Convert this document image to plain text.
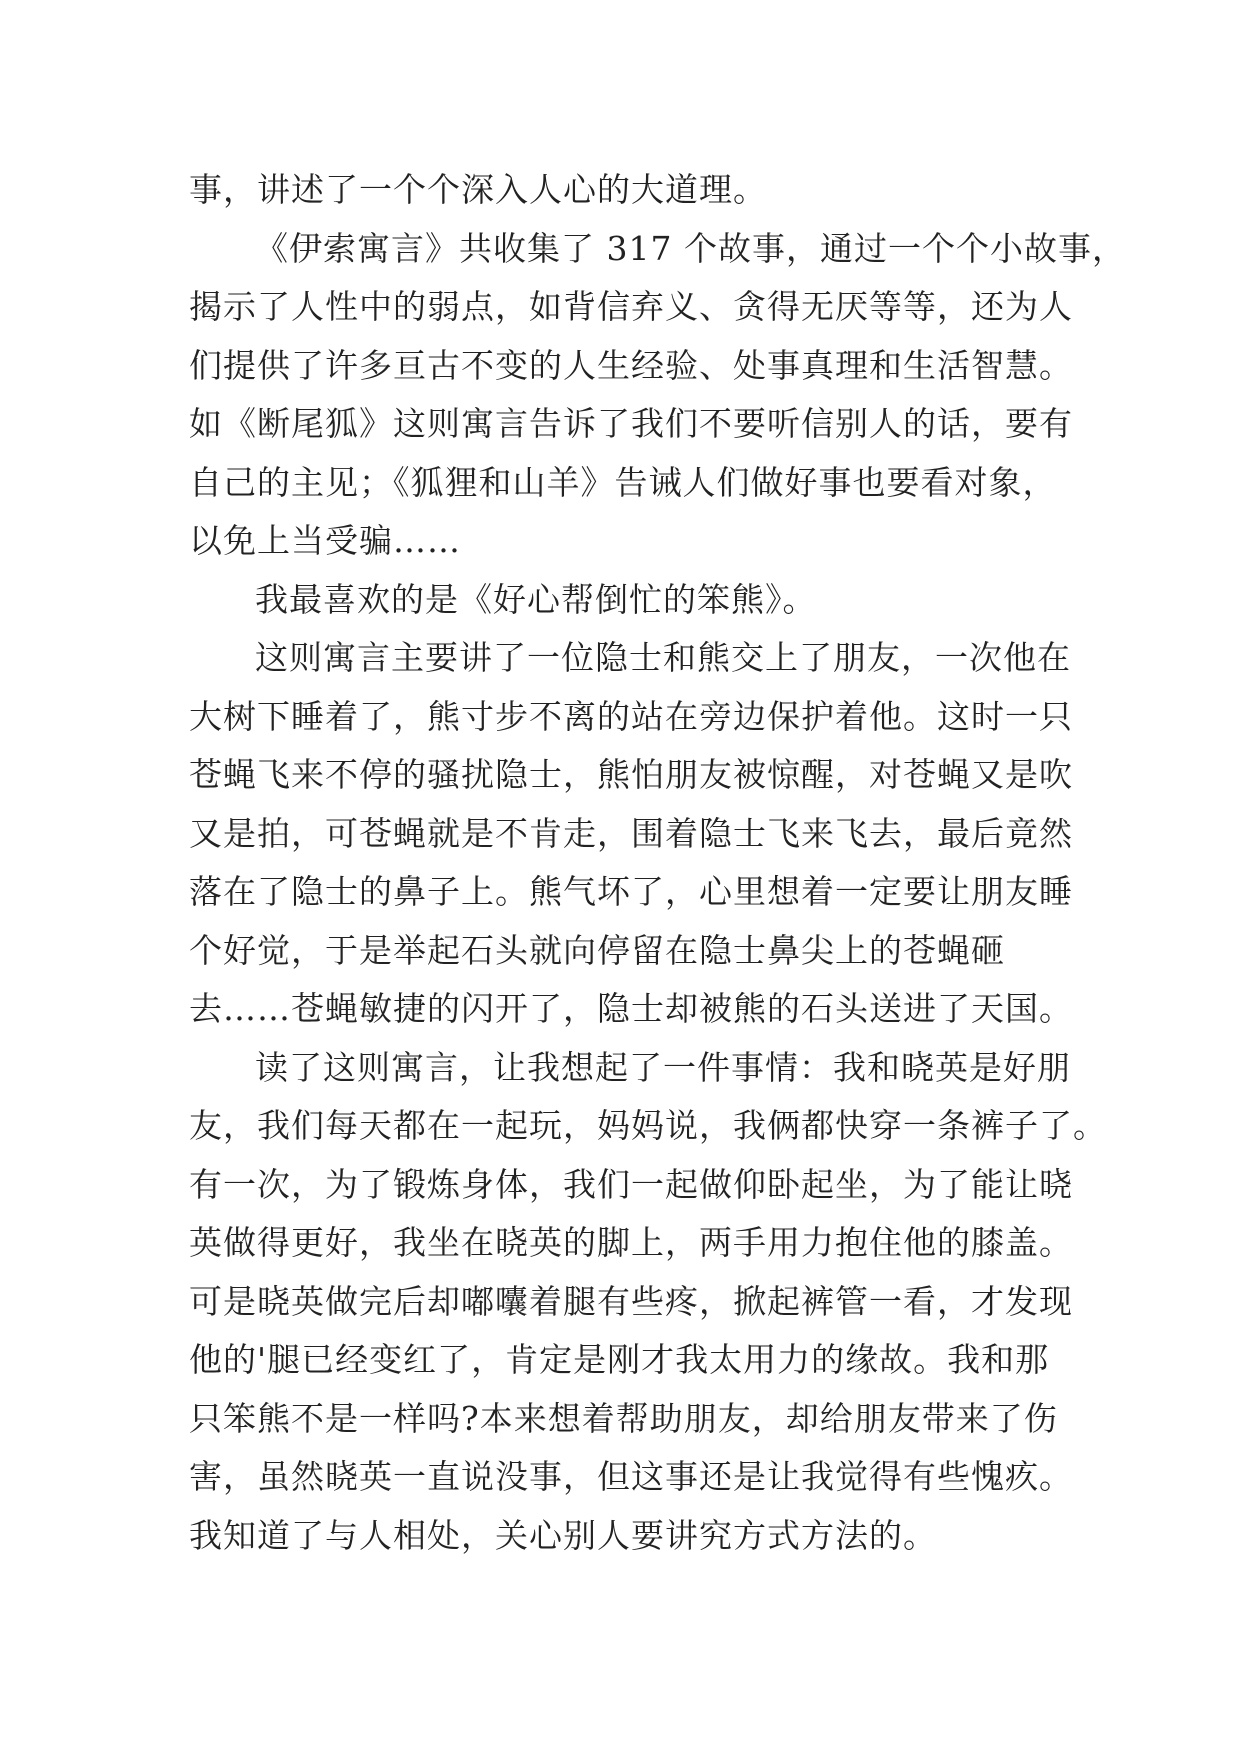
事，讲述了一个个深入人心的大道理。
《伊索寓言》共收集了 317 个故事，通过一个个小故事，
揭示了人性中的弱点，如背信弃义、贪得无厌等等，还为人
们提供了许多亘古不变的人生经验、处事真理和生活智慧。
如《断尾狐》这则寓言告诉了我们不要听信别人的话，要有
自己的主见；《狐狸和山羊》告诫人们做好事也要看对象，
以免上当受骗……
我最喜欢的是《好心帮倒忙的笨熊》。
这则寓言主要讲了一位隐士和熊交上了朋友，一次他在
大树下睡着了，熊寸步不离的站在旁边保护着他。这时一只
苍蝇飞来不停的骚扰隐士，熊怕朋友被惊醒，对苍蝇又是吹
又是拍，可苍蝇就是不肯走，围着隐士飞来飞去，最后竟然
落在了隐士的鼻子上。熊气坏了，心里想着一定要让朋友睡
个好觉，于是举起石头就向停留在隐士鼻尖上的苍蝇砸
去……苍蝇敏捷的闪开了，隐士却被熊的石头送进了天国。
读了这则寓言，让我想起了一件事情：我和晓英是好朋
友，我们每天都在一起玩，妈妈说，我俩都快穿一条裤子了。
有一次，为了锻炼身体，我们一起做仰卧起坐，为了能让晓
英做得更好，我坐在晓英的脚上，两手用力抱住他的膝盖。
可是晓英做完后却嘟囔着腿有些疼，掀起裤管一看，才发现
他的'腿已经变红了，肯定是刚才我太用力的缘故。我和那
只笨熊不是一样吗?本来想着帮助朋友，却给朋友带来了伤
害，虽然晓英一直说没事，但这事还是让我觉得有些愧疚。
我知道了与人相处，关心别人要讲究方式方法的。
